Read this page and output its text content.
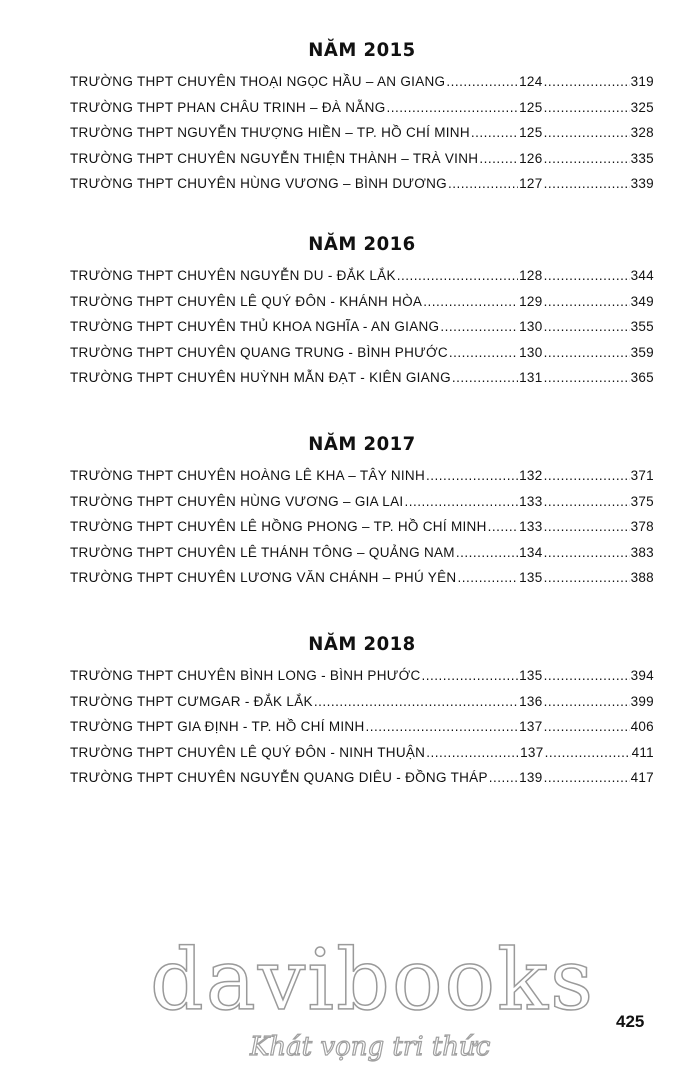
NĂM 2015
TRƯỜNG THPT CHUYÊN THOẠI NGỌC HẦU – AN GIANG .....	124 .....	319
TRƯỜNG THPT PHAN CHÂU TRINH – ĐÀ NẴNG .....	125 .....	325
TRƯỜNG THPT NGUYỄN THƯỢNG HIỀN – TP. HỒ CHÍ MINH .....	125 .....	328
TRƯỜNG THPT CHUYÊN NGUYỄN THIỆN THÀNH – TRÀ VINH .....	126 .....	335
TRƯỜNG THPT CHUYÊN HÙNG VƯƠNG – BÌNH DƯƠNG .....	127 .....	339
NĂM 2016
TRƯỜNG THPT CHUYÊN NGUYỄN DU - ĐẮK LẮK .....	128 .....	344
TRƯỜNG THPT CHUYÊN LÊ QUÝ ĐÔN - KHÁNH HÒA .....	129 .....	349
TRƯỜNG THPT CHUYÊN THỦ KHOA NGHĨA - AN GIANG .....	130 .....	355
TRƯỜNG THPT CHUYÊN QUANG TRUNG - BÌNH PHƯỚC .....	130 .....	359
TRƯỜNG THPT CHUYÊN HUỲNH MẪN ĐẠT - KIÊN GIANG .....	131 .....	365
NĂM 2017
TRƯỜNG THPT CHUYÊN HOÀNG LÊ KHA – TÂY NINH .....	132 .....	371
TRƯỜNG THPT CHUYÊN HÙNG VƯƠNG – GIA LAI .....	133 .....	375
TRƯỜNG THPT CHUYÊN LÊ HỒNG PHONG – TP. HỒ CHÍ MINH ..... 133 .....	378
TRƯỜNG THPT CHUYÊN LÊ THÁNH TÔNG – QUẢNG NAM .....	134 .....	383
TRƯỜNG THPT CHUYÊN LƯƠNG VĂN CHÁNH – PHÚ YÊN .....	135 .....	388
NĂM 2018
TRƯỜNG THPT CHUYÊN BÌNH LONG - BÌNH PHƯỚC .....	135 .....	394
TRƯỜNG THPT CƯMGAR - ĐẮK LẮK .....	136 .....	399
TRƯỜNG THPT GIA ĐỊNH - TP. HỒ CHÍ MINH .....	137 .....	406
TRƯỜNG THPT CHUYÊN LÊ QUÝ ĐÔN - NINH THUẬN .....	137 .....	411
TRƯỜNG THPT CHUYÊN NGUYỄN QUANG DIÊU - ĐỒNG THÁP ..... 139 .....	417
davibooks
Khát vọng tri thức
425
